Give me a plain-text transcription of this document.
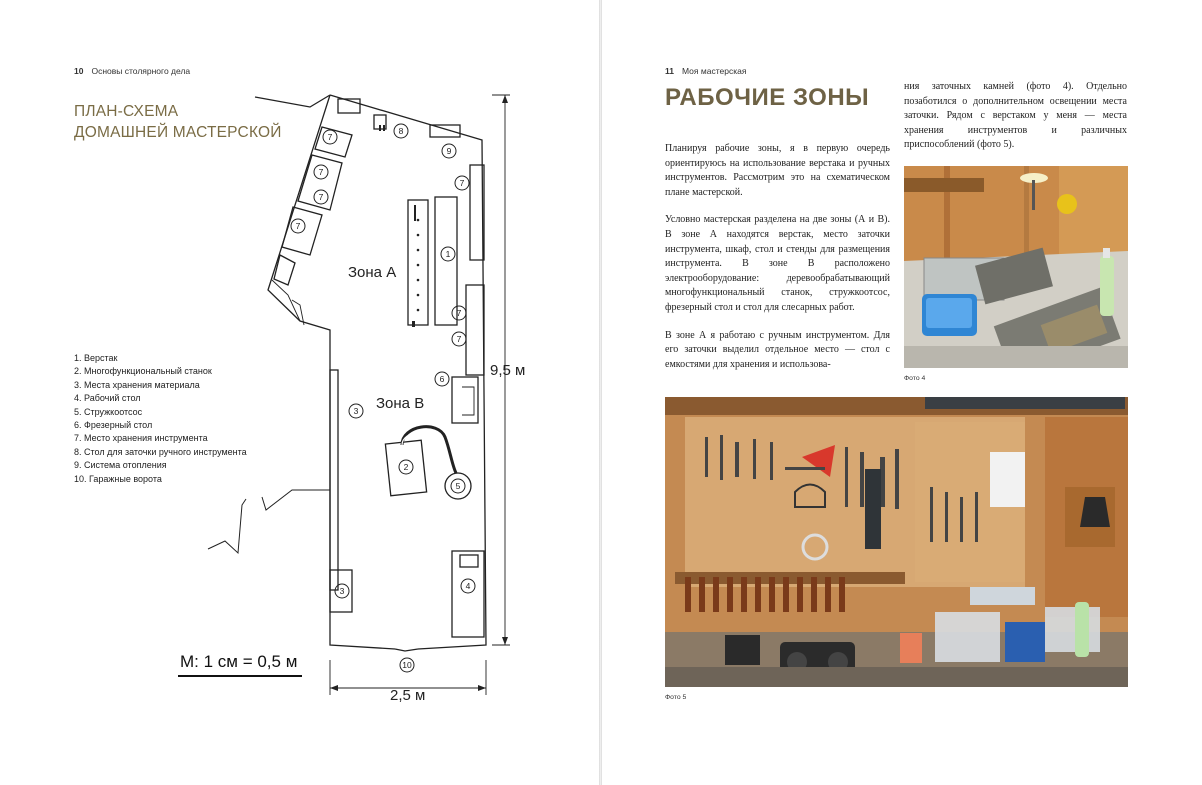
10 Основы столярного дела
ПЛАН-СХЕМА
ДОМАШНЕЙ МАСТЕРСКОЙ
1. Верстак
2. Многофункциональный станок
3. Места хранения материала
4. Рабочий стол
5. Стружкоотсос
6. Фрезерный стол
7. Место хранения инструмента
8. Стол для заточки ручного инструмента
9. Система отопления
10. Гаражные ворота
М: 1 см = 0,5 м
7
7
7
7
8
9
7
1
7
7
6
3
2
5
3	4
10
Зона А
Зона В
9,5 м
2,5 м
11 Моя мастерская
РАБОЧИЕ ЗОНЫ

Планируя рабочие зоны, я в первую очередь ориентируюсь на использование верстака и ручных инструментов. Рассмотрим это на схематическом плане мастерской.

Условно мастерская разделена на две зоны (А и В). В зоне А находятся верстак, место заточки инструмента, шкаф, стол и стенды для размещения инструмента. В зоне В расположено электрооборудование: деревообрабатывающий многофункциональный станок, стружкоотсос, фрезерный стол и стол для слесарных работ.

В зоне А я работаю с ручным инструментом. Для его заточки выделил отдельное место — стол с емкостями для хранения и использова-

ния заточных камней (фото 4). Отдельно позаботился о дополнительном освещении места заточки. Рядом с верстаком у меня — места хранения инструментов и различных приспособлений (фото 5).

Фото 4
Фото 5
